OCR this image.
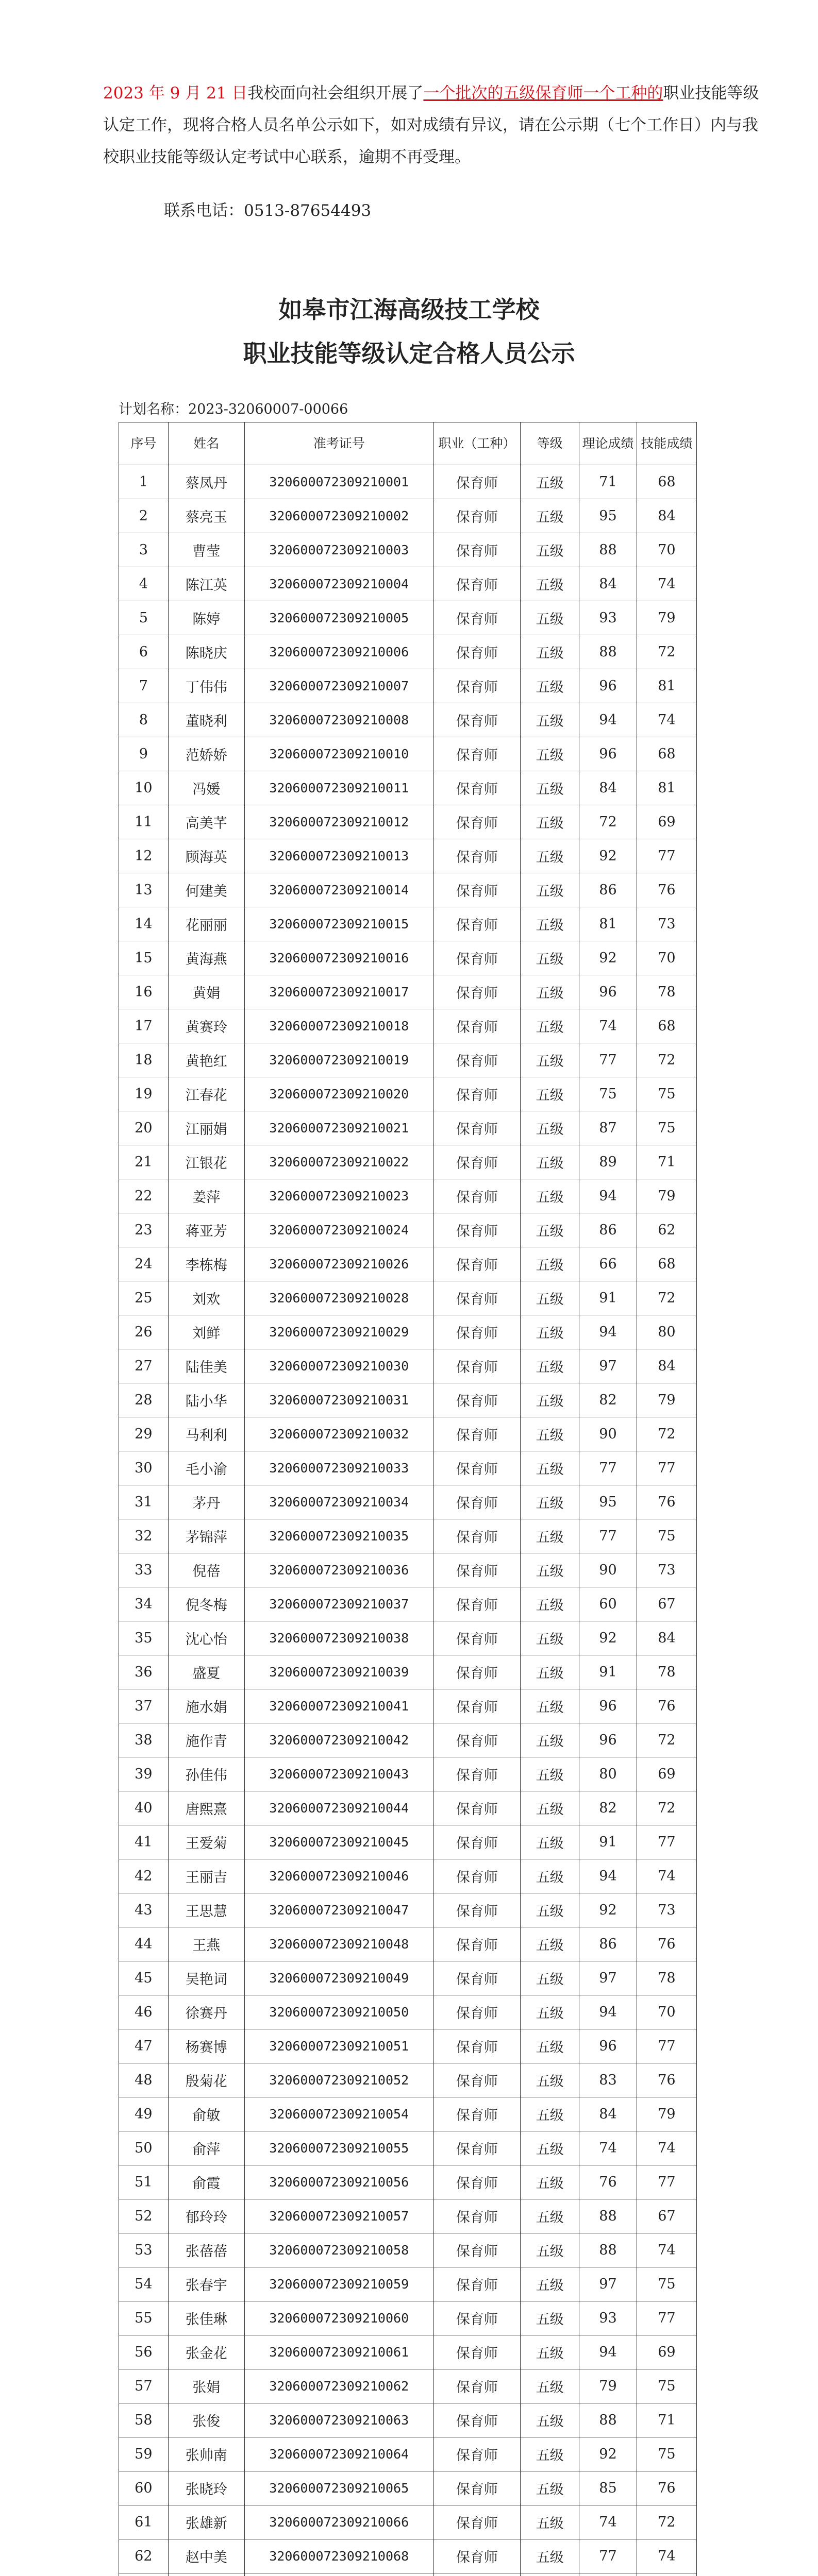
2023 年 9 月 21 日我校面向社会组织开展了一个批次的五级保育师一个工种的职业技能等级认定工作，现将合格人员名单公示如下，如对成绩有异议，请在公示期（七个工作日）内与我校职业技能等级认定考试中心联系，逾期不再受理。

联系电话：0513-87654493
如皋市江海高级技工学校
职业技能等级认定合格人员公示
计划名称：2023-32060007-00066
序号	姓名	准考证号	职业（工种）	等级	理论成绩	技能成绩
1	蔡凤丹	320600072309210001	保育师	五级	71	68
2	蔡亮玉	320600072309210002	保育师	五级	95	84
3	曹莹	320600072309210003	保育师	五级	88	70
4	陈江英	320600072309210004	保育师	五级	84	74
5	陈婷	320600072309210005	保育师	五级	93	79
6	陈晓庆	320600072309210006	保育师	五级	88	72
7	丁伟伟	320600072309210007	保育师	五级	96	81
8	董晓利	320600072309210008	保育师	五级	94	74
9	范娇娇	320600072309210010	保育师	五级	96	68
10	冯媛	320600072309210011	保育师	五级	84	81
11	高美芊	320600072309210012	保育师	五级	72	69
12	顾海英	320600072309210013	保育师	五级	92	77
13	何建美	320600072309210014	保育师	五级	86	76
14	花丽丽	320600072309210015	保育师	五级	81	73
15	黄海燕	320600072309210016	保育师	五级	92	70
16	黄娟	320600072309210017	保育师	五级	96	78
17	黄赛玲	320600072309210018	保育师	五级	74	68
18	黄艳红	320600072309210019	保育师	五级	77	72
19	江春花	320600072309210020	保育师	五级	75	75
20	江丽娟	320600072309210021	保育师	五级	87	75
21	江银花	320600072309210022	保育师	五级	89	71
22	姜萍	320600072309210023	保育师	五级	94	79
23	蒋亚芳	320600072309210024	保育师	五级	86	62
24	李栋梅	320600072309210026	保育师	五级	66	68
25	刘欢	320600072309210028	保育师	五级	91	72
26	刘鲜	320600072309210029	保育师	五级	94	80
27	陆佳美	320600072309210030	保育师	五级	97	84
28	陆小华	320600072309210031	保育师	五级	82	79
29	马利利	320600072309210032	保育师	五级	90	72
30	毛小渝	320600072309210033	保育师	五级	77	77
31	茅丹	320600072309210034	保育师	五级	95	76
32	茅锦萍	320600072309210035	保育师	五级	77	75
33	倪蓓	320600072309210036	保育师	五级	90	73
34	倪冬梅	320600072309210037	保育师	五级	60	67
35	沈心怡	320600072309210038	保育师	五级	92	84
36	盛夏	320600072309210039	保育师	五级	91	78
37	施水娟	320600072309210041	保育师	五级	96	76
38	施作青	320600072309210042	保育师	五级	96	72
39	孙佳伟	320600072309210043	保育师	五级	80	69
40	唐熙熹	320600072309210044	保育师	五级	82	72
41	王爱菊	320600072309210045	保育师	五级	91	77
42	王丽吉	320600072309210046	保育师	五级	94	74
43	王思慧	320600072309210047	保育师	五级	92	73
44	王燕	320600072309210048	保育师	五级	86	76
45	吴艳词	320600072309210049	保育师	五级	97	78
46	徐赛丹	320600072309210050	保育师	五级	94	70
47	杨赛博	320600072309210051	保育师	五级	96	77
48	殷菊花	320600072309210052	保育师	五级	83	76
49	俞敏	320600072309210054	保育师	五级	84	79
50	俞萍	320600072309210055	保育师	五级	74	74
51	俞霞	320600072309210056	保育师	五级	76	77
52	郁玲玲	320600072309210057	保育师	五级	88	67
53	张蓓蓓	320600072309210058	保育师	五级	88	74
54	张春宇	320600072309210059	保育师	五级	97	75
55	张佳琳	320600072309210060	保育师	五级	93	77
56	张金花	320600072309210061	保育师	五级	94	69
57	张娟	320600072309210062	保育师	五级	79	75
58	张俊	320600072309210063	保育师	五级	88	71
59	张帅南	320600072309210064	保育师	五级	92	75
60	张晓玲	320600072309210065	保育师	五级	85	76
61	张雄新	320600072309210066	保育师	五级	74	72
62	赵中美	320600072309210068	保育师	五级	77	74
